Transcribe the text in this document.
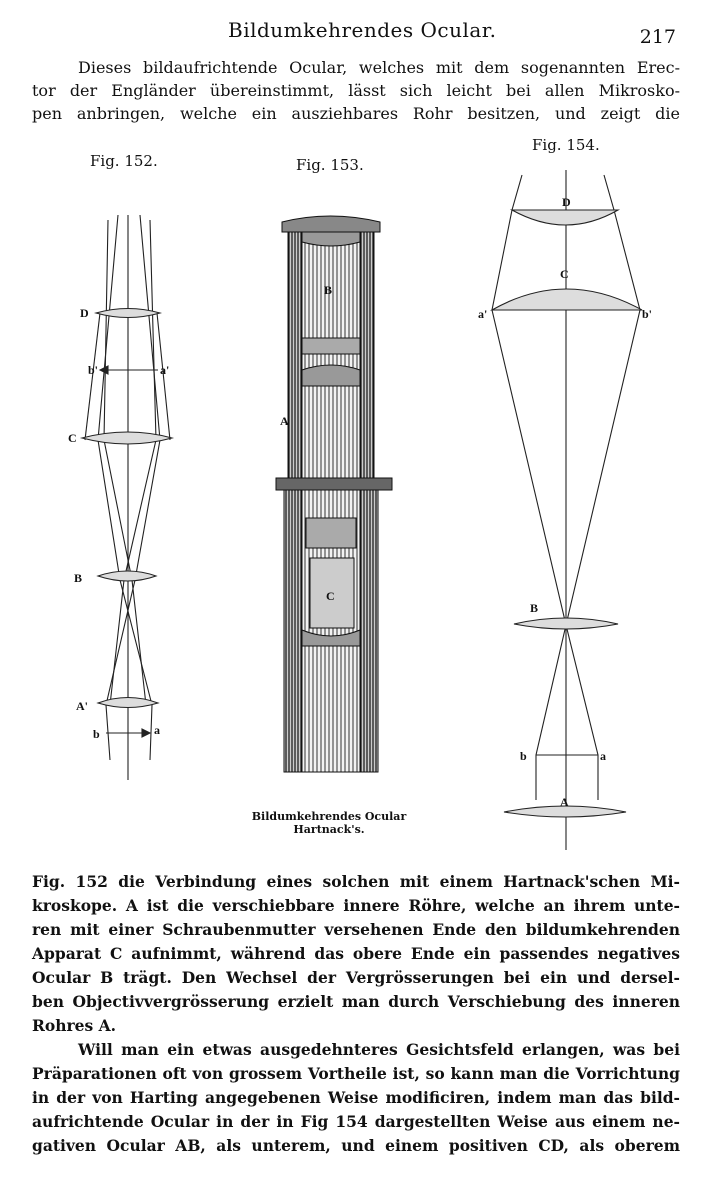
Bildumkehrendes Ocular.	217
Dieses bildaufrichtende Ocular, welches mit dem sogenannten Erec-
tor der Engländer übereinstimmt, lässt sich leicht bei allen Mikrosko-
pen anbringen, welche ein ausziehbares Rohr besitzen, und zeigt die
Fig. 152.	Fig. 153.
Fig. 154.
D
b'	a'
C
B
A'
b	a
B
A
C
D
C
a'	b'
B
b	a
A
Bildumkehrendes Ocular
Hartnack's.
Fig. 152 die Verbindung eines solchen mit einem Hartnack'schen Mi-
kroskope. A ist die verschiebbare innere Röhre, welche an ihrem unte-
ren mit einer Schraubenmutter versehenen Ende den bildumkehrenden
Apparat C aufnimmt, während das obere Ende ein passendes negatives
Ocular B trägt. Den Wechsel der Vergrösserungen bei ein und dersel-
ben Objectivvergrösserung erzielt man durch Verschiebung des inneren
Rohres A.
Will man ein etwas ausgedehnteres Gesichtsfeld erlangen, was bei
Präparationen oft von grossem Vortheile ist, so kann man die Vorrichtung
in der von Harting angegebenen Weise modificiren, indem man das bild-
aufrichtende Ocular in der in Fig 154 dargestellten Weise aus einem ne-
gativen Ocular AB, als unterem, und einem positiven CD, als oberem
